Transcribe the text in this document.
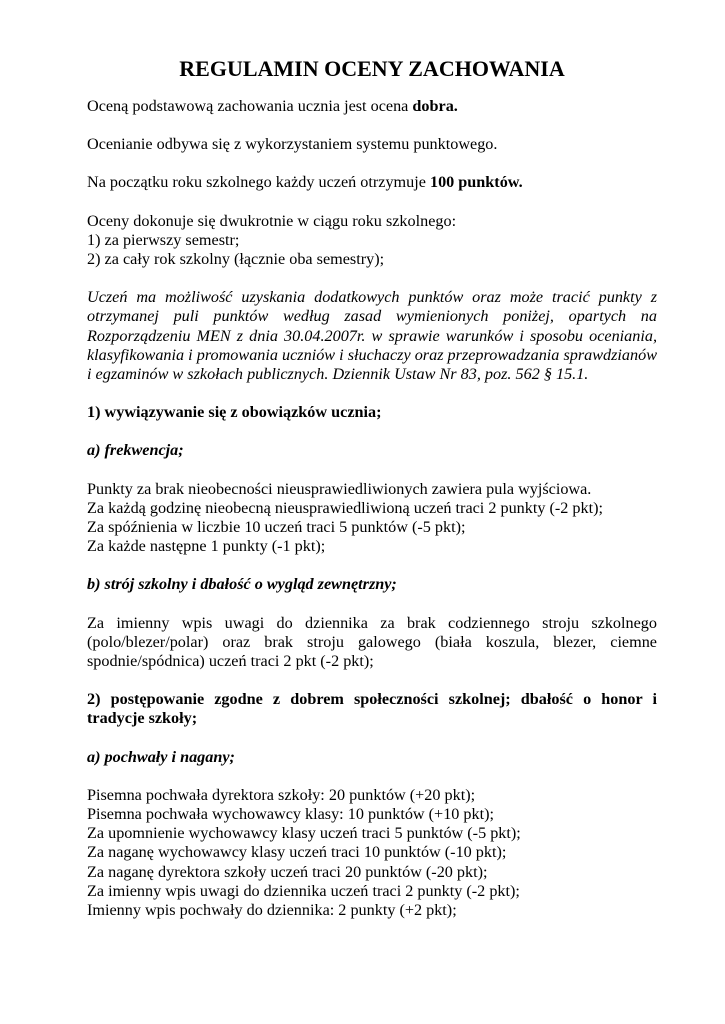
REGULAMIN OCENY ZACHOWANIA

Oceną podstawową zachowania ucznia jest ocena dobra.

Ocenianie odbywa się z wykorzystaniem systemu punktowego.

Na początku roku szkolnego każdy uczeń otrzymuje 100 punktów.

Oceny dokonuje się dwukrotnie w ciągu roku szkolnego:
1) za pierwszy semestr;
2) za cały rok szkolny (łącznie oba semestry);

Uczeń ma możliwość uzyskania dodatkowych punktów oraz może tracić punkty z otrzymanej puli punktów według zasad wymienionych poniżej, opartych na Rozporządzeniu MEN z dnia 30.04.2007r. w sprawie warunków i sposobu oceniania, klasyfikowania i promowania uczniów i słuchaczy oraz przeprowadzania sprawdzianów i egzaminów w szkołach publicznych. Dziennik Ustaw Nr 83, poz. 562 § 15.1.

1) wywiązywanie się z obowiązków ucznia;
a) frekwencja;

Punkty za brak nieobecności nieusprawiedliwionych zawiera pula wyjściowa.
Za każdą godzinę nieobecną nieusprawiedliwioną uczeń traci 2 punkty (-2 pkt);
Za spóźnienia w liczbie 10 uczeń traci 5 punktów (-5 pkt);
Za każde następne 1 punkty (-1 pkt);

b) strój szkolny i dbałość o wygląd zewnętrzny;

Za imienny wpis uwagi do dziennika za brak codziennego stroju szkolnego (polo/blezer/polar) oraz brak stroju galowego (biała koszula, blezer, ciemne spodnie/spódnica) uczeń traci 2 pkt (-2 pkt);

2) postępowanie zgodne z dobrem społeczności szkolnej; dbałość o honor i tradycje szkoły;
a) pochwały i nagany;

Pisemna pochwała dyrektora szkoły: 20 punktów (+20 pkt);
Pisemna pochwała wychowawcy klasy: 10 punktów (+10 pkt);
Za upomnienie wychowawcy klasy uczeń traci 5 punktów (-5 pkt);
Za naganę wychowawcy klasy uczeń traci 10 punktów (-10 pkt);
Za naganę dyrektora szkoły uczeń traci 20 punktów (-20 pkt);
Za imienny wpis uwagi do dziennika uczeń traci 2 punkty (-2 pkt);
Imienny wpis pochwały do dziennika: 2 punkty (+2 pkt);
